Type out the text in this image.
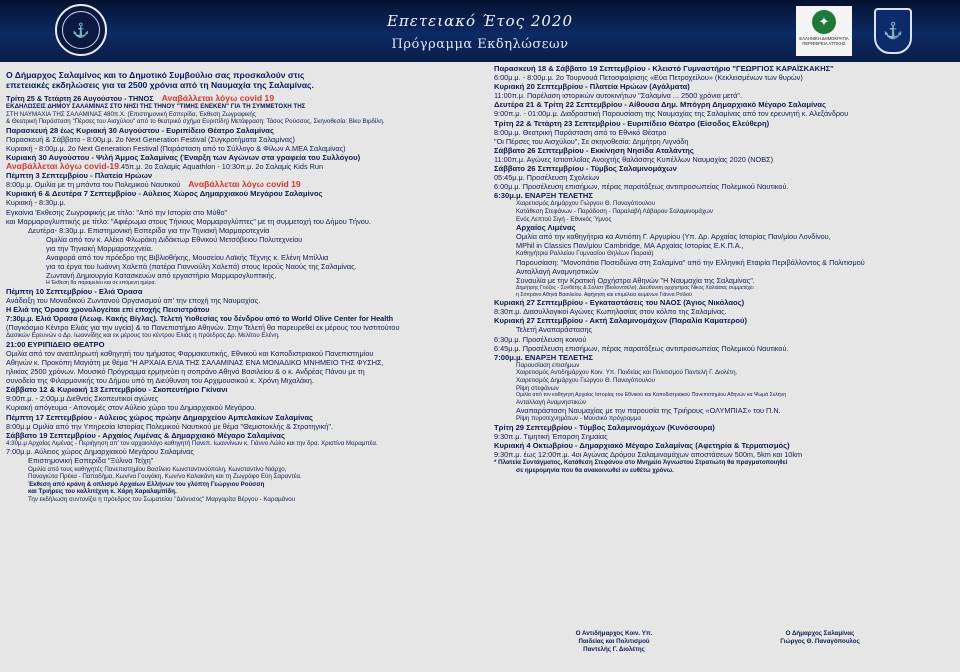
⚓	Επετειακό Έτος 2020
Πρόγραμμα Εκδηλώσεων
✦
ΕΛΛΗΝΙΚΗ ΔΗΜΟΚΡΑΤΙΑ ΠΕΡΙΦΕΡΕΙΑ ΑΤΤΙΚΗΣ
⚓
Ο Δήμαρχος Σαλαμίνος και το Δημοτικό Συμβούλιο σας προσκαλούν στις
επετειακές εκδηλώσεις για τα 2500 χρόνια από τη Ναυμαχία της Σαλαμίνας.
Τρίτη 25 & Τετάρτη 26 Αυγούστου - ΤΗΝΟΣ Αναβάλλεται λόγω covid 19
ΕΚΔΗΛΩΣΕΙΣ ΔΗΜΟΥ ΣΑΛΑΜΙΝΑΣ ΣΤΟ ΝΗΣΙ ΤΗΣ ΤΗΝΟΥ "ΤΙΜΗΣ ΕΝΕΚΕΝ" ΓΙΑ ΤΗ ΣΥΜΜΕΤΟΧΗ ΤΗΣ
ΣΤΗ ΝΑΥΜΑΧΙΑ ΤΗΣ ΣΑΛΑΜΙΝΑΣ 480π.Χ. (Επιστημονική Εσπερίδα, Έκθεση Ζωγραφικής
& Θεατρική Παράσταση "Πέρσες του Αισχύλου" από το θεατρικό σχήμα Ευριπίδη) Μετάφραση: Τάσος Ρούσσος, Σκηνοθεσία: Βίκυ Βιρδίλη.
Παρασκευή 28 έως Κυριακή 30 Αυγούστου - Ευριπίδειο Θέατρο Σαλαμίνας
Παρασκευή & Σάββατο - 8:00μ.μ. 2ο Next Generation Festival (Συγκροτήματα Σαλαμίνας)
Κυριακή - 8:00μ.μ. 2ο Next Generation Festival (Παράσταση από το Σύλλογο & Φίλων Α.ΜΕΑ Σαλαμίνας)
Κυριακή 30 Αυγούστου - Ψιλή Άμμος Σαλαμίνας (Έναρξη των Αγώνων στα γραφεία του Συλλόγου)
Αναβάλλεται λόγω covid-19.45π.μ. 2ο Σαλαμίς Aquathlon - 10:30π.μ. 2ο Σαλαμίς Kids Run
Πέμπτη 3 Σεπτεμβρίου - Πλατεία Ηρώων
8:00μ.μ. Ομιλία με τη μπάντα του Πολεμικού Ναυτικού Αναβάλλεται λόγω covid 19
Κυριακή 6 & Δευτέρα 7 Σεπτεμβρίου - Αύλειος Χώρος Δημαρχιακού Μεγάρου Σαλαμίνος
Κυριακή - 8:30μ.μ.
Εγκαίνια Έκθεσης Ζωγραφικής με τίτλο: "Από την Ιστορία στο Μύθο"
και Μαρμαρογλυπτικής με τίτλο: "Αφιέρωμα στους Τήνιους Μαρμαρογλύπτες" με τη συμμετοχή του Δήμου Τήνου.
Δευτέρα- 8:30μ.μ. Επιστημονική Εσπερίδα για την Τηνιακή Μαρμαροτεχνία
Ομιλία από τον κ. Αλέκο Φλωράκη Διδάκτωρ Εθνικού Μετσόβειου Πολυτεχνείου
για την Τηνιακή Μαρμαροτεχνεία.
Αναφορά από τον πρόεδρο της Βιβλιοθήκης, Μουσείου Λαϊκής Τέχνης κ. Ελένη Μπίλλια
για τα έργα του Ιωάννη Χαλεπά (πατέρα Γιαννούλη Χαλεπά) στους Ιερούς Ναούς της Σαλαμίνας.
Ζωντανή Δημιουργία Κατασκευών από εργαστήριο Μαρμαρογλυπτικής.
Η Έκθεση θα παραμείνει και σε επόμενη ημέρα.
Πέμπτη 10 Σεπτεμβρίου - Ελιά Όρασα
Ανάδειξη του Μοναδικού Ζωντανού Οργανισμού απ' την εποχή της Ναυμαχίας.
Η Ελιά της Όρασα χρονολογείται επί εποχής Πεισιστράτου
7:30μ.μ. Ελιά Όρασα (Λεωφ. Κακής Βίγλας). Τελετή Υιοθεσίας του δένδρου από το World Olive Center for Health
(Παγκόσμιο Κέντρο Ελιάς για την υγεία) & το Πανεπιστήμιο Αθηνών. Στην Τελετή θα παρευρεθεί εκ μέρους του Ινστιτούτου
Δασικών Ερευνών ο Δρ. Ιωαννίδης και εκ μέρους του κέντρου Ελιάς η πρόεδρος Δρ. Μελίτου Ελένη.
21:00 ΕΥΡΙΠΙΔΕΙΟ ΘΕΑΤΡΟ
Ομιλία από τον αναπληρωτή καθηγητή του τμήματος Φαρμακευτικής, Εθνικού και Καποδιστριακού Πανεπιστημίου
Αθηνών κ. Προκόπη Μαγιάτη με θέμα "Η ΑΡΧΑΙΑ ΕΛΙΑ ΤΗΣ ΣΑΛΑΜΙΝΑΣ ΕΝΑ ΜΟΝΑΔΙΚΟ ΜΝΗΜΕΙΟ ΤΗΣ ΦΥΣΗΣ,
ηλικίας 2500 χρόνων. Μουσικό Πρόγραμμα ερμηνεύει η σοπράνο Αθηνά Βασιλείου & ο κ. Ανδρέας Πάνου με τη
συνοδεία της Φιλαρμονικής του Δήμου υπό τη Διεύθυνση του Αρχιμουσικού κ. Χρόνη Μιχαλάκη.
Σάββατο 12 & Κυριακή 13 Σεπτεμβρίου - Σκοπευτήριο Γκίνανι
9:00π.μ. - 2:00μ.μ Διεθνείς Σκοπευτικοί αγώνες
Κυριακή απόγευμα - Απονομές στον Αύλειο χώρο του Δημαρχιακού Μεγάρου.
Πέμπτη 17 Σεπτεμβρίου - Αύλειος χώρος πρώην Δημαρχείου Αμπελακίων Σαλαμίνας
8:00μ.μ Ομιλία από την Υπηρεσία Ιστορίας Πολεμικού Ναυτικού με θέμα "Θεμιστοκλής & Στρατηγική".
Σάββατο 19 Σεπτεμβρίου - Αρχαίος Λιμένας & Δημαρχιακό Μέγαρο Σαλαμίνας
4:30μ.μ Αρχαίος Λιμένας - Περιήγηση απ' τον αρχαιολόγο καθηγητή Πανεπ. Ιωαννίνων κ. Γιάννο Λώλο και την δρα. Χριστίνα Μαραμπέα.
7:00μ.μ. Αύλειος χώρος Δημαρχιακού Μεγάρου Σαλαμίνας
Επιστημονική Εσπερίδα "Ξύλινα Τείχη"
Ομιλία από τους καθηγητές Πανεπιστημίου Βασίλειο Κωνσταντινούπολη, Κωνσταντίνο Νιάρχο,
Παναγιώτα Πρέκα - Παπαδήμα, Κων/να Γουγάκη, Κων/νο Καλακάνη και τη Ζωγράφο Εύη Σαραντέα.
Έκθεση από κράνη & οπλισμό Αρχαίων Ελλήνων του γλύπτη Γεώργιου Ρούσση
και Τριήρεις του καλλιτέχνη κ. Χάρη Χαραλαμπίδη.
Την εκδήλωση συντονίζει η πρόεδρος του Σωματείου "Διόνυσος" Μαργαρίτα Βέργου - Καραμάνου
Παρασκευή 18 & Σάββατο 19 Σεπτεμβρίου - Κλειστό Γυμναστήριο "ΓΕΩΡΓΙΟΣ ΚΑΡΑΪΣΚΑΚΗΣ"
6:00μ.μ. - 8:00μ.μ. 2ο Τουρνουά Πετοσφαίρισης «Εύα Πετροχείλου» (Κεκλεισμένων των θυρών)
Κυριακή 20 Σεπτεμβρίου - Πλατεία Ηρώων (Αγάλματα)
11:00π.μ. Παρέλαση ιστορικών αυτοκινήτων "Σαλαμίνα ... 2500 χρόνια μετά".
Δευτέρα 21 & Τρίτη 22 Σεπτεμβρίου - Αίθουσα Δημ. Μπόγρη Δημαρχιακό Μέγαρο Σαλαμίνας
9:00π.μ. - 01:00μ.μ. Διαδραστική Παρουσίαση της Ναυμαχίας της Σαλαμίνας από τον ερευνητή κ. Αλεξάνδρου
Τρίτη 22 & Τετάρτη 23 Σεπτεμβρίου - Ευριπίδειο Θέατρο (Είσοδος Ελεύθερη)
8:00μ.μ. Θεατρική Παράσταση από το Εθνικό Θέατρο
"Οι Πέρσες του Αισχύλου", Σε σκηνοθεσία: Δημήτρη Λιγνάδη
Σάββατο 26 Σεπτεμβρίου - Εκκίνηση Νησίδα Αταλάντης
11:00π.μ. Αγώνες Ιστιοπλοΐας Ανοιχτής θαλάσσης Κυπέλλων Ναυμαχίας 2020 (ΝΟΒΣ)
Σάββατο 26 Σεπτεμβρίου - Τύμβος Σαλαμινομάχων
05:45μ.μ. Προσέλευση Σχολείων
6:00μ.μ. Προσέλευση επισήμων, πέρας παρατάξεως αντιπροσωπείας Πολεμικού Ναυτικού.
6:30μ.μ. ΕΝΑΡΞΗ ΤΕΛΕΤΗΣ
Χαιρετισμός Δημάρχου Γιώργου Θ. Παναγόπουλου
Κατάθεση Στεφάνων - Παράδοση - Παραλαβή Λάβαρου Σαλαμινομάχων
Ενός Λεπτού Σιγή - Εθνικός Ύμνος
Αρχαίος Λιμένας
Ομιλία από την καθηγήτρια κα Αντιόπη Γ. Αργυρίου (Υπ. Δρ. Αρχαίας Ιστορίας Παν/μίου Λονδίνου,
MPhil in Classics Παν/μίου Cambridge, MA Αρχαίας Ιστορίας Ε.Κ.Π.Α.,
Καθηγήτρια Ραλλείου Γυμνασίου Θηλέων Πειραιά)
Παρουσίαση: "Μονοπάτια Ποσειδώνα στη Σαλαμίνα" από την Ελληνική Εταιρία Περιβάλλοντος & Πολιτισμού
Ανταλλαγή Αναμνηστικών
Συναυλία με την Κρατική Ορχήστρα Αθηνών "Η Ναυμαχία της Σαλαμίνας".
Δημήτρης Γούζος - Συνθέτης & Σολίστ (Βιολοντσέλο), Διεύθυνση ορχήστρας Νίκος Χαλιάσας συμμετέχει
η Σοπράνο Αθηνά Βασιλείου. Αφήγηση και επιμέλεια κειμένων Γιάννα Ροϊλού
Κυριακή 27 Σεπτεμβρίου - Εγκαταστάσεις του ΝΑΟΣ (Άγιος Νικόλαος)
8:30π.μ. Διασυλλογικοί Αγώνες Κωπηλασίας στον κόλπο της Σαλαμίνας.
Κυριακή 27 Σεπτεμβρίου - Ακτή Σαλαμινομάχων (Παραλία Καματερού)
Τελετή Αναπαράστασης
6:30μ.μ. Προσέλευση κοινού
6:45μ.μ. Προσέλευση επισήμων, πέρας παρατάξεως αντιπροσωπείας Πολεμικού Ναυτικού.
7:00μ.μ. ΕΝΑΡΞΗ ΤΕΛΕΤΗΣ
Παρουσίαση επισήμων
Χαιρετισμός Αντιδημάρχου Κοιν. Υπ. Παιδείας και Πολιτισμού Παντελή Γ. Διολέτη.
Χαιρετισμός Δημάρχου Γιώργου Θ. Παναγόπουλου
Ρίψη στεφάνων
Ομιλία από τον καθηγητή Αρχαίας Ιστορίας του Εθνικού και Καποδιστριακού Πανεπιστημίου Αθηνών κα Ψωμά Σελήνη
Ανταλλαγή Αναμνηστικών
Αναπαράσταση Ναυμαχίας με την παρουσία της Τριήρους «ΟΛΥΜΠΙΑΣ» του Π.Ν.
Ρίψη πυροτεχνημάτων - Μουσικό πρόγραμμα
Τρίτη 29 Σεπτεμβρίου - Τύμβος Σαλαμινομάχων (Κυνόσουρα)
9:30π.μ. Τιμητική Έπαρση Σημαίας
Κυριακή 4 Οκτωβρίου - Δημαρχιακό Μέγαρο Σαλαμίνας (Αφετηρία & Τερματισμός)
9:30π.μ. έως 12:00π.μ. 4οι Αγώνας Δρόμου Σαλαμινομάχων αποστάσεων 500m, 5km και 10km
* Πλατεία Συντάγματος, Κατάθεση Στεφάνου στο Μνημείο Άγνωστου Στρατιώτη θα πραγματοποιηθεί
σε ημερομηνία που θα ανακοινωθεί εν ευθέτω χρόνω.
Ο Αντιδήμαρχος Κοιν. Υπ.
Παιδείας και Πολιτισμού
Παντελής Γ. Διολέτης
Ο Δήμαρχος Σαλαμίνας
Γιώργος Θ. Παναγόπουλος
